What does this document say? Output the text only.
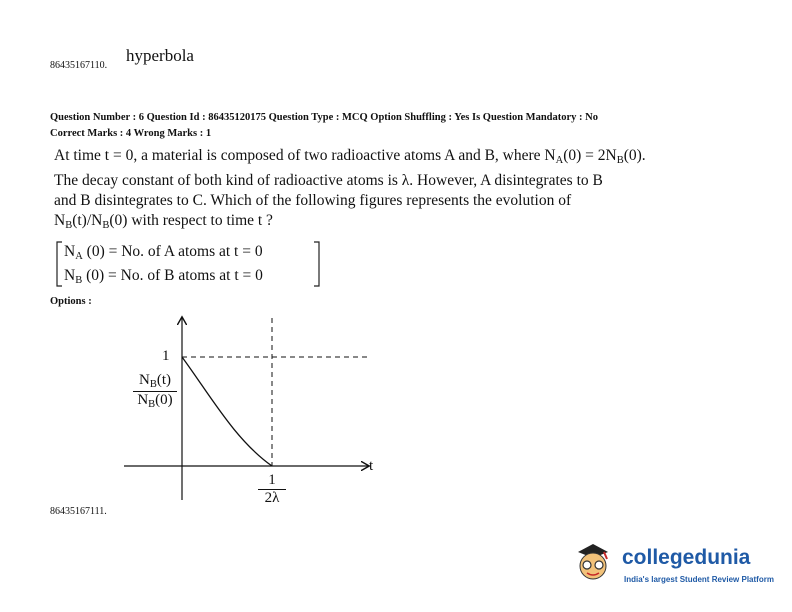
86435167110.
hyperbola
Question Number : 6 Question Id : 86435120175 Question Type : MCQ Option Shuffling : Yes Is Question Mandatory : No
Correct Marks : 4 Wrong Marks : 1
At time t = 0, a material is composed of two radioactive atoms A and B, where $N_A(0) = 2N_B(0)$.
The decay constant of both kind of radioactive atoms is λ. However, A disintegrates to B
and B disintegrates to C. Which of the following figures represents the evolution of
$N_B(t)/N_B(0)$ with respect to time t ?
$N_A$ (0) = No. of A atoms at t = 0
$N_B$ (0) = No. of B atoms at t = 0
Options :
1
$N_B(t)$
$N_B(0)$
t
1
2λ
86435167111.
collegedunia
India's largest Student Review Platform
